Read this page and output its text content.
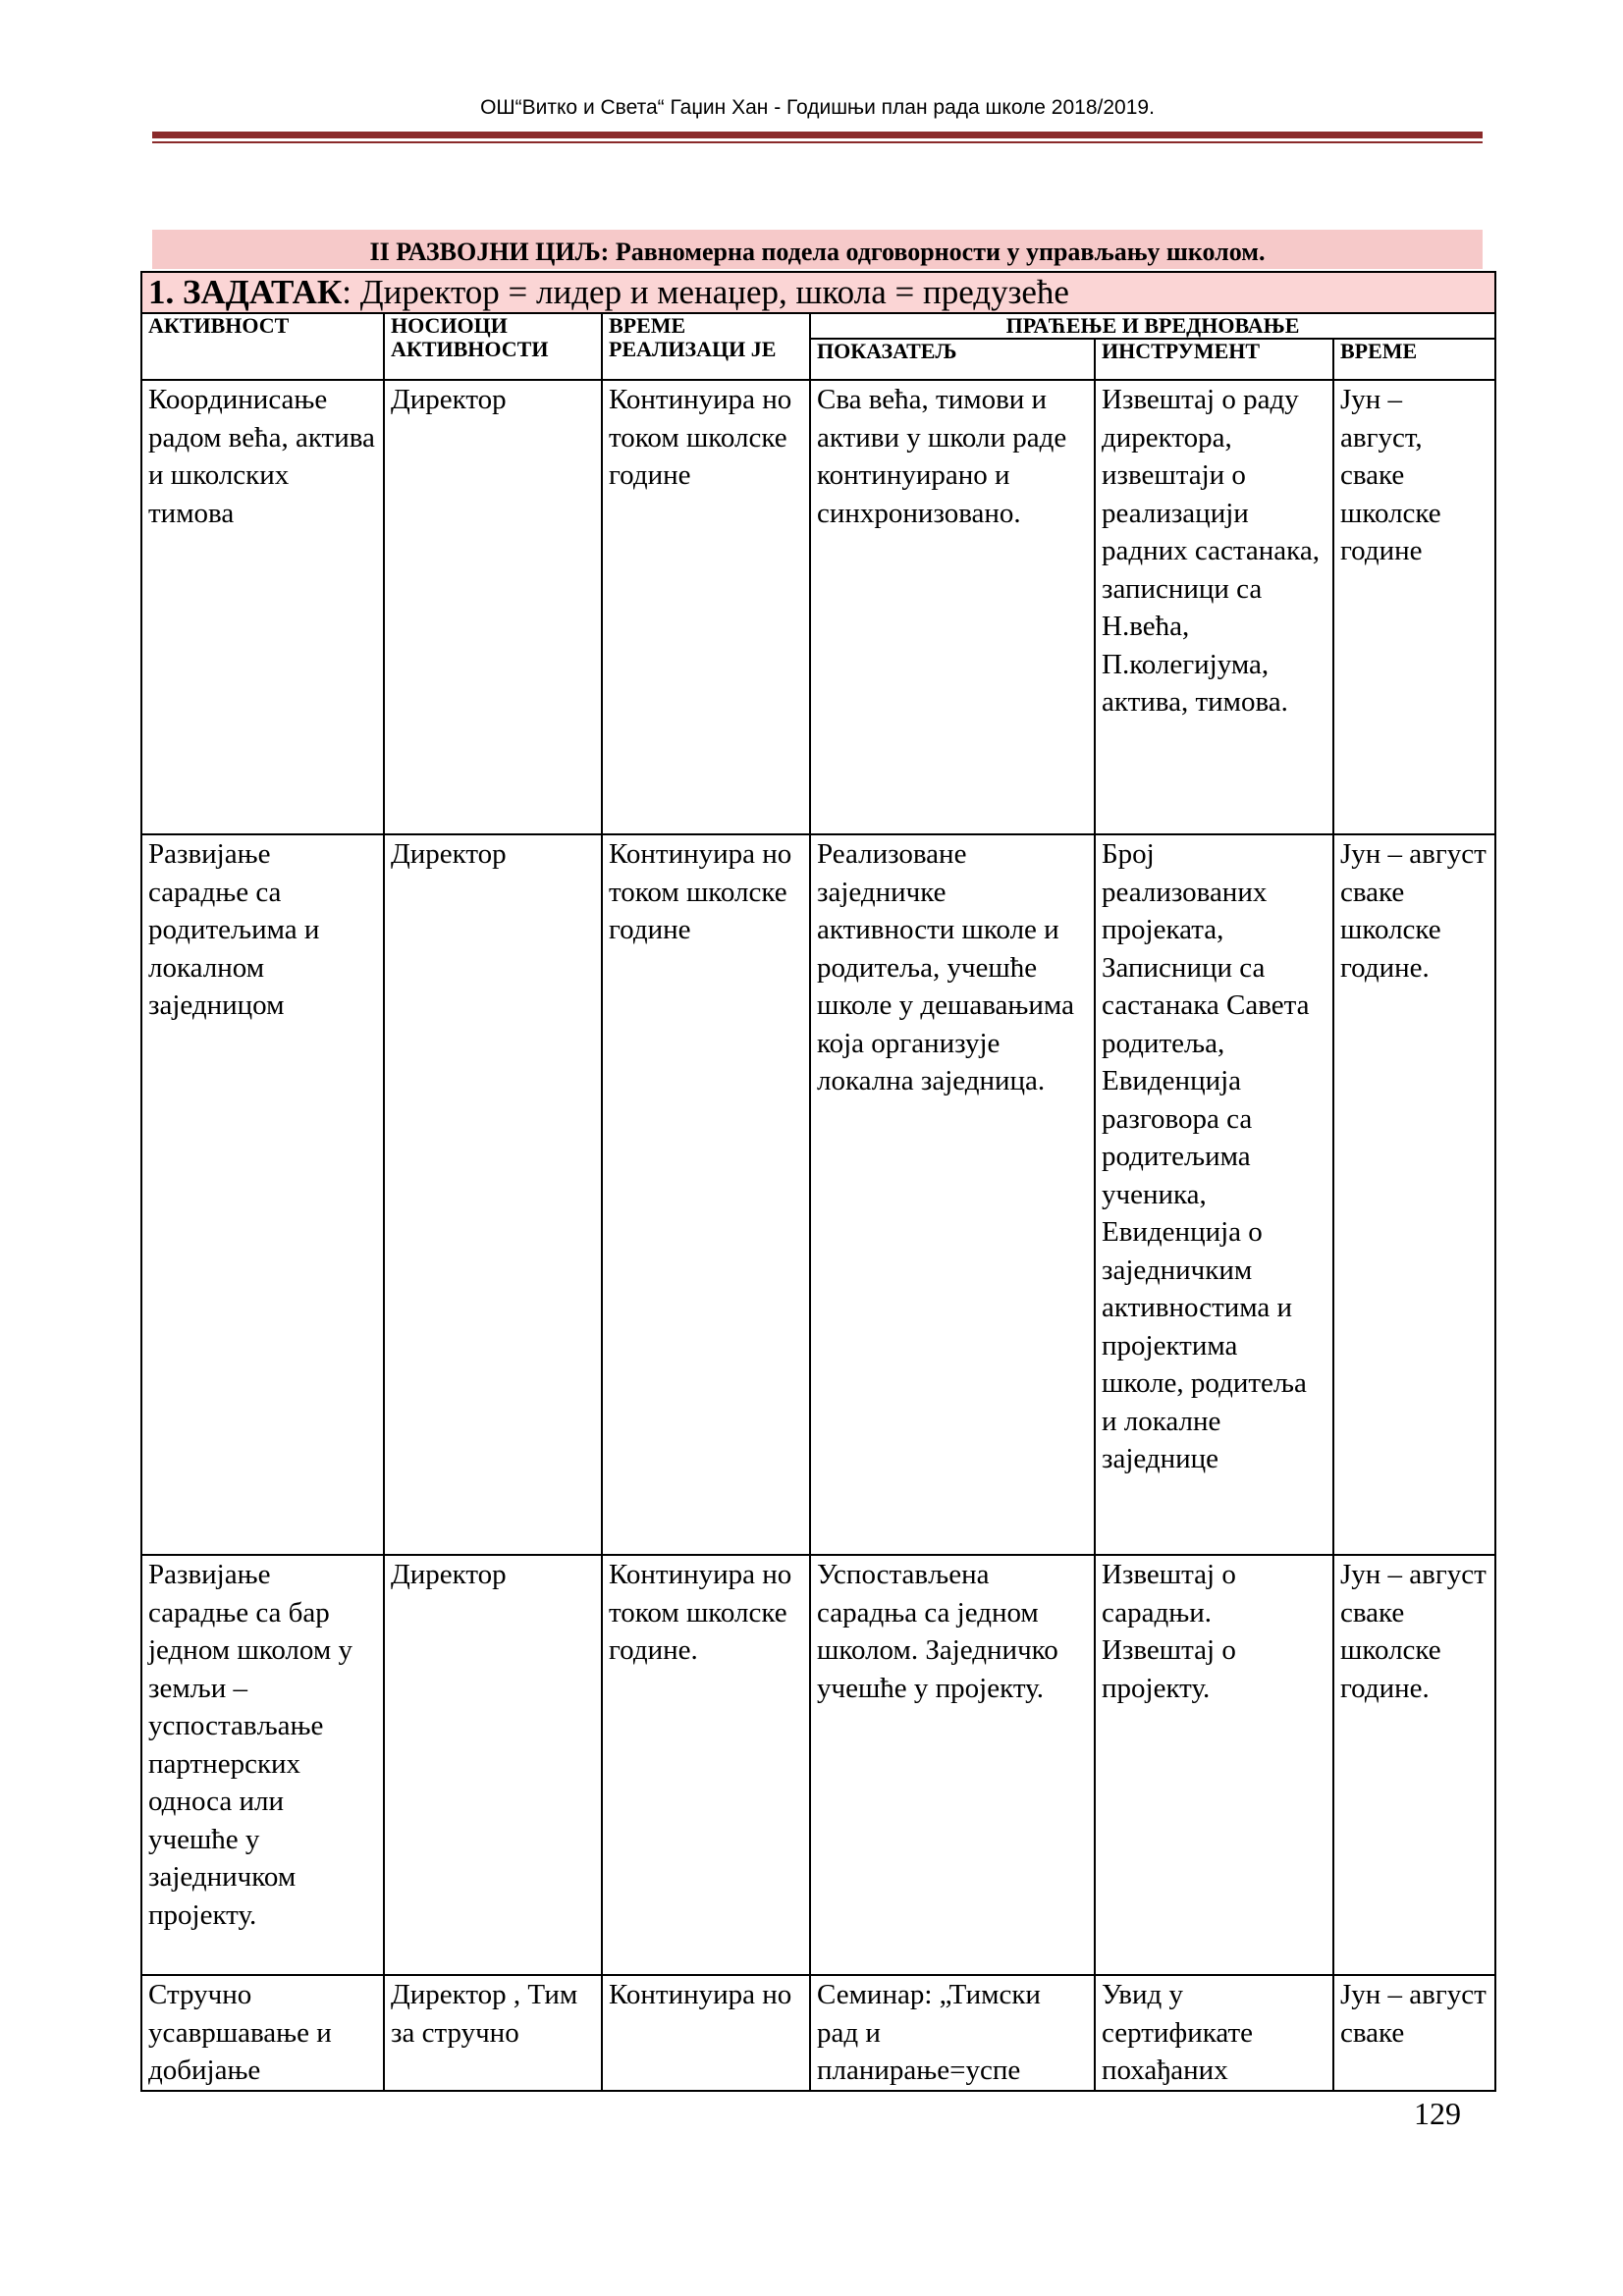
ОШ“Витко и Света“ Гаџин Хан - Годишњи план рада школе 2018/2019.
II РАЗВОЈНИ ЦИЉ: Равномерна подела одговорности у управљању школом.
1. ЗАДАТАК: Директор = лидер и менаџер, школа = предузеће					
АКТИВНОСТ	НОСИОЦИ АКТИВНОСТИ	ВРЕМЕ РЕАЛИЗАЦИ ЈЕ	ПРАЋЕЊЕ И ВРЕДНОВАЊЕ		
			ПОКАЗАТЕЉ	ИНСТРУМЕНТ	ВРЕМЕ
Координисање радом већа, актива и школских тимова	Директор	Континуира но током школске године	Сва већа, тимови и активи у школи раде континуирано и синхронизовано.	Извештај о раду директора, извештаји о реализацији радних састанака, записници са Н.већа, П.колегијума, актива, тимова.	Јун – август, сваке школске године
Развијање сарадње са родитељима и локалном заједницом	Директор	Континуира но током школске године	Реализоване заједничке активности школе и родитеља, учешће школе у дешавањима која организује локална заједница.	Број реализованих пројеката, Записници са састанака Савета родитеља, Евиденција разговора са родитељима ученика, Евиденција о заједничким активностима и пројектима школе, родитеља и локалне заједнице	Јун – август сваке школске године.
Развијање сарадње са бар једном школом у земљи – успостављање партнерских односа или учешће у заједничком пројекту.	Директор	Континуира но током школске године.	Успостављена сарадња са једном школом. Заједничко учешће у пројекту.	Извештај о сарадњи. Извештај о пројекту.	Јун – август сваке школске године.
Стручно усавршавање и добијање	Директор , Тим за стручно	Континуира но	Семинар: „Тимски рад и планирање=успе	Увид у сертификате похађаних	Јун – август сваке
129
